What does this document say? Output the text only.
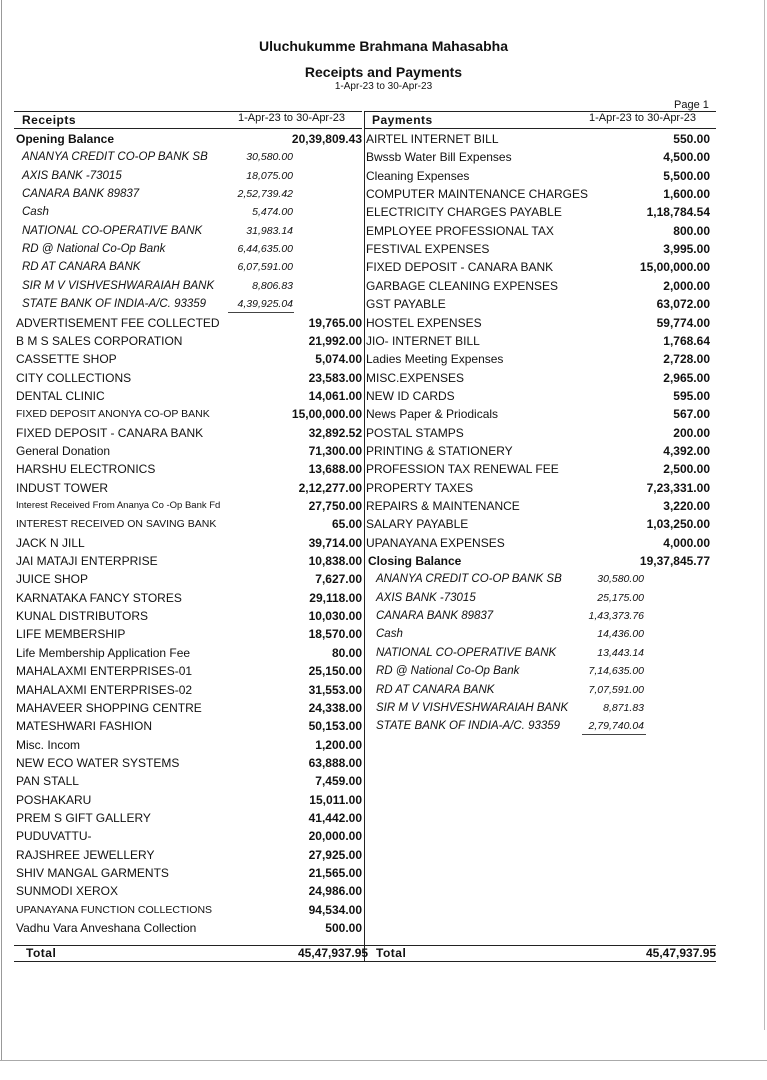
Uluchukumme Brahmana Mahasabha
Receipts and Payments
1-Apr-23 to 30-Apr-23
Page 1
Receipts	1-Apr-23 to 30-Apr-23 Payments	1-Apr-23 to 30-Apr-23
Opening Balance	20,39,809.43
ANANYA CREDIT CO-OP BANK SB	30,580.00
AXIS BANK -73015	18,075.00
CANARA BANK 89837	2,52,739.42
Cash	5,474.00
NATIONAL CO-OPERATIVE BANK	31,983.14
RD @ National Co-Op Bank	6,44,635.00
RD AT CANARA BANK	6,07,591.00
SIR M V VISHVESHWARAIAH BANK	8,806.83
STATE BANK OF INDIA-A/C. 93359	4,39,925.04
ADVERTISEMENT FEE COLLECTED	19,765.00
B M S SALES CORPORATION	21,992.00
CASSETTE SHOP	5,074.00
CITY COLLECTIONS	23,583.00
DENTAL CLINIC	14,061.00
FIXED DEPOSIT ANONYA CO-OP BANK	15,00,000.00
FIXED DEPOSIT - CANARA BANK	32,892.52
General Donation	71,300.00
HARSHU ELECTRONICS	13,688.00
INDUST TOWER	2,12,277.00
Interest Received From Ananya Co -Op Bank Fd	27,750.00
INTEREST RECEIVED ON SAVING BANK	65.00
JACK N JILL	39,714.00
JAI MATAJI ENTERPRISE	10,838.00
JUICE SHOP	7,627.00
KARNATAKA FANCY STORES	29,118.00
KUNAL DISTRIBUTORS	10,030.00
LIFE MEMBERSHIP	18,570.00
Life Membership Application Fee	80.00
MAHALAXMI ENTERPRISES-01	25,150.00
MAHALAXMI ENTERPRISES-02	31,553.00
MAHAVEER SHOPPING CENTRE	24,338.00
MATESHWARI FASHION	50,153.00
Misc. Incom	1,200.00
NEW ECO WATER SYSTEMS	63,888.00
PAN STALL	7,459.00
POSHAKARU	15,011.00
PREM S GIFT GALLERY	41,442.00
PUDUVATTU-	20,000.00
RAJSHREE JEWELLERY	27,925.00
SHIV MANGAL GARMENTS	21,565.00
SUNMODI XEROX	24,986.00
UPANAYANA FUNCTION COLLECTIONS	94,534.00
Vadhu Vara Anveshana Collection	500.00
AIRTEL INTERNET BILL	550.00
Bwssb Water Bill Expenses	4,500.00
Cleaning Expenses	5,500.00
COMPUTER MAINTENANCE CHARGES	1,600.00
ELECTRICITY CHARGES PAYABLE	1,18,784.54
EMPLOYEE PROFESSIONAL TAX	800.00
FESTIVAL EXPENSES	3,995.00
FIXED DEPOSIT - CANARA BANK	15,00,000.00
GARBAGE CLEANING EXPENSES	2,000.00
GST PAYABLE	63,072.00
HOSTEL EXPENSES	59,774.00
JIO- INTERNET BILL	1,768.64
Ladies Meeting Expenses	2,728.00
MISC.EXPENSES	2,965.00
NEW ID CARDS	595.00
News Paper & Priodicals	567.00
POSTAL STAMPS	200.00
PRINTING & STATIONERY	4,392.00
PROFESSION TAX RENEWAL FEE	2,500.00
PROPERTY TAXES	7,23,331.00
REPAIRS & MAINTENANCE	3,220.00
SALARY PAYABLE	1,03,250.00
UPANAYANA EXPENSES	4,000.00
Closing Balance	19,37,845.77
ANANYA CREDIT CO-OP BANK SB	30,580.00
AXIS BANK -73015	25,175.00
CANARA BANK 89837	1,43,373.76
Cash	14,436.00
NATIONAL CO-OPERATIVE BANK	13,443.14
RD @ National Co-Op Bank	7,14,635.00
RD AT CANARA BANK	7,07,591.00
SIR M V VISHVESHWARAIAH BANK	8,871.83
STATE BANK OF INDIA-A/C. 93359	2,79,740.04
Total	45,47,937.95 Total	45,47,937.95
